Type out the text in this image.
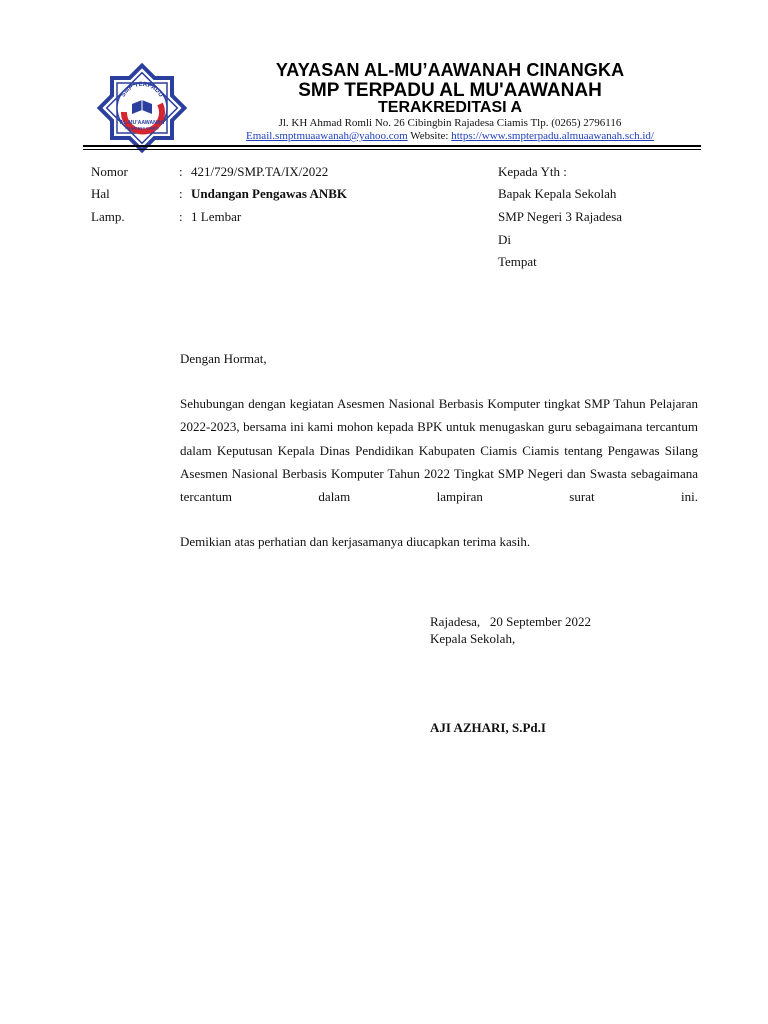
SMP TERPADU
AL-MU'AAWANAH
RAJADESA CIAMIS
YAYASAN AL-MU’AAWANAH CINANGKA
SMP TERPADU AL MU'AAWANAH
TERAKREDITASI A
Jl. KH Ahmad Romli No. 26 Cibingbin Rajadesa Ciamis Tlp. (0265) 2796116
Email.smptmuaawanah@yahoo.com Website: https://www.smpterpadu.almuaawanah.sch.id/
Nomor	: 421/729/SMP.TA/IX/2022
Hal	: Undangan Pengawas ANBK
Lamp.	: 1 Lembar
Kepada Yth :
Bapak Kepala Sekolah
SMP Negeri 3 Rajadesa
Di
Tempat
Dengan Hormat,
Sehubungan dengan kegiatan Asesmen Nasional Berbasis Komputer tingkat SMP Tahun Pelajaran 2022-2023, bersama ini kami mohon kepada BPK untuk menugaskan guru sebagaimana tercantum dalam Keputusan Kepala Dinas Pendidikan Kabupaten Ciamis Ciamis tentang Pengawas Silang Asesmen Nasional Berbasis Komputer Tahun 2022 Tingkat SMP Negeri dan Swasta sebagaimana tercantum dalam lampiran surat ini.
Demikian atas perhatian dan kerjasamanya diucapkan terima kasih.
Rajadesa,   20 September 2022
Kepala Sekolah,
AJI AZHARI, S.Pd.I
